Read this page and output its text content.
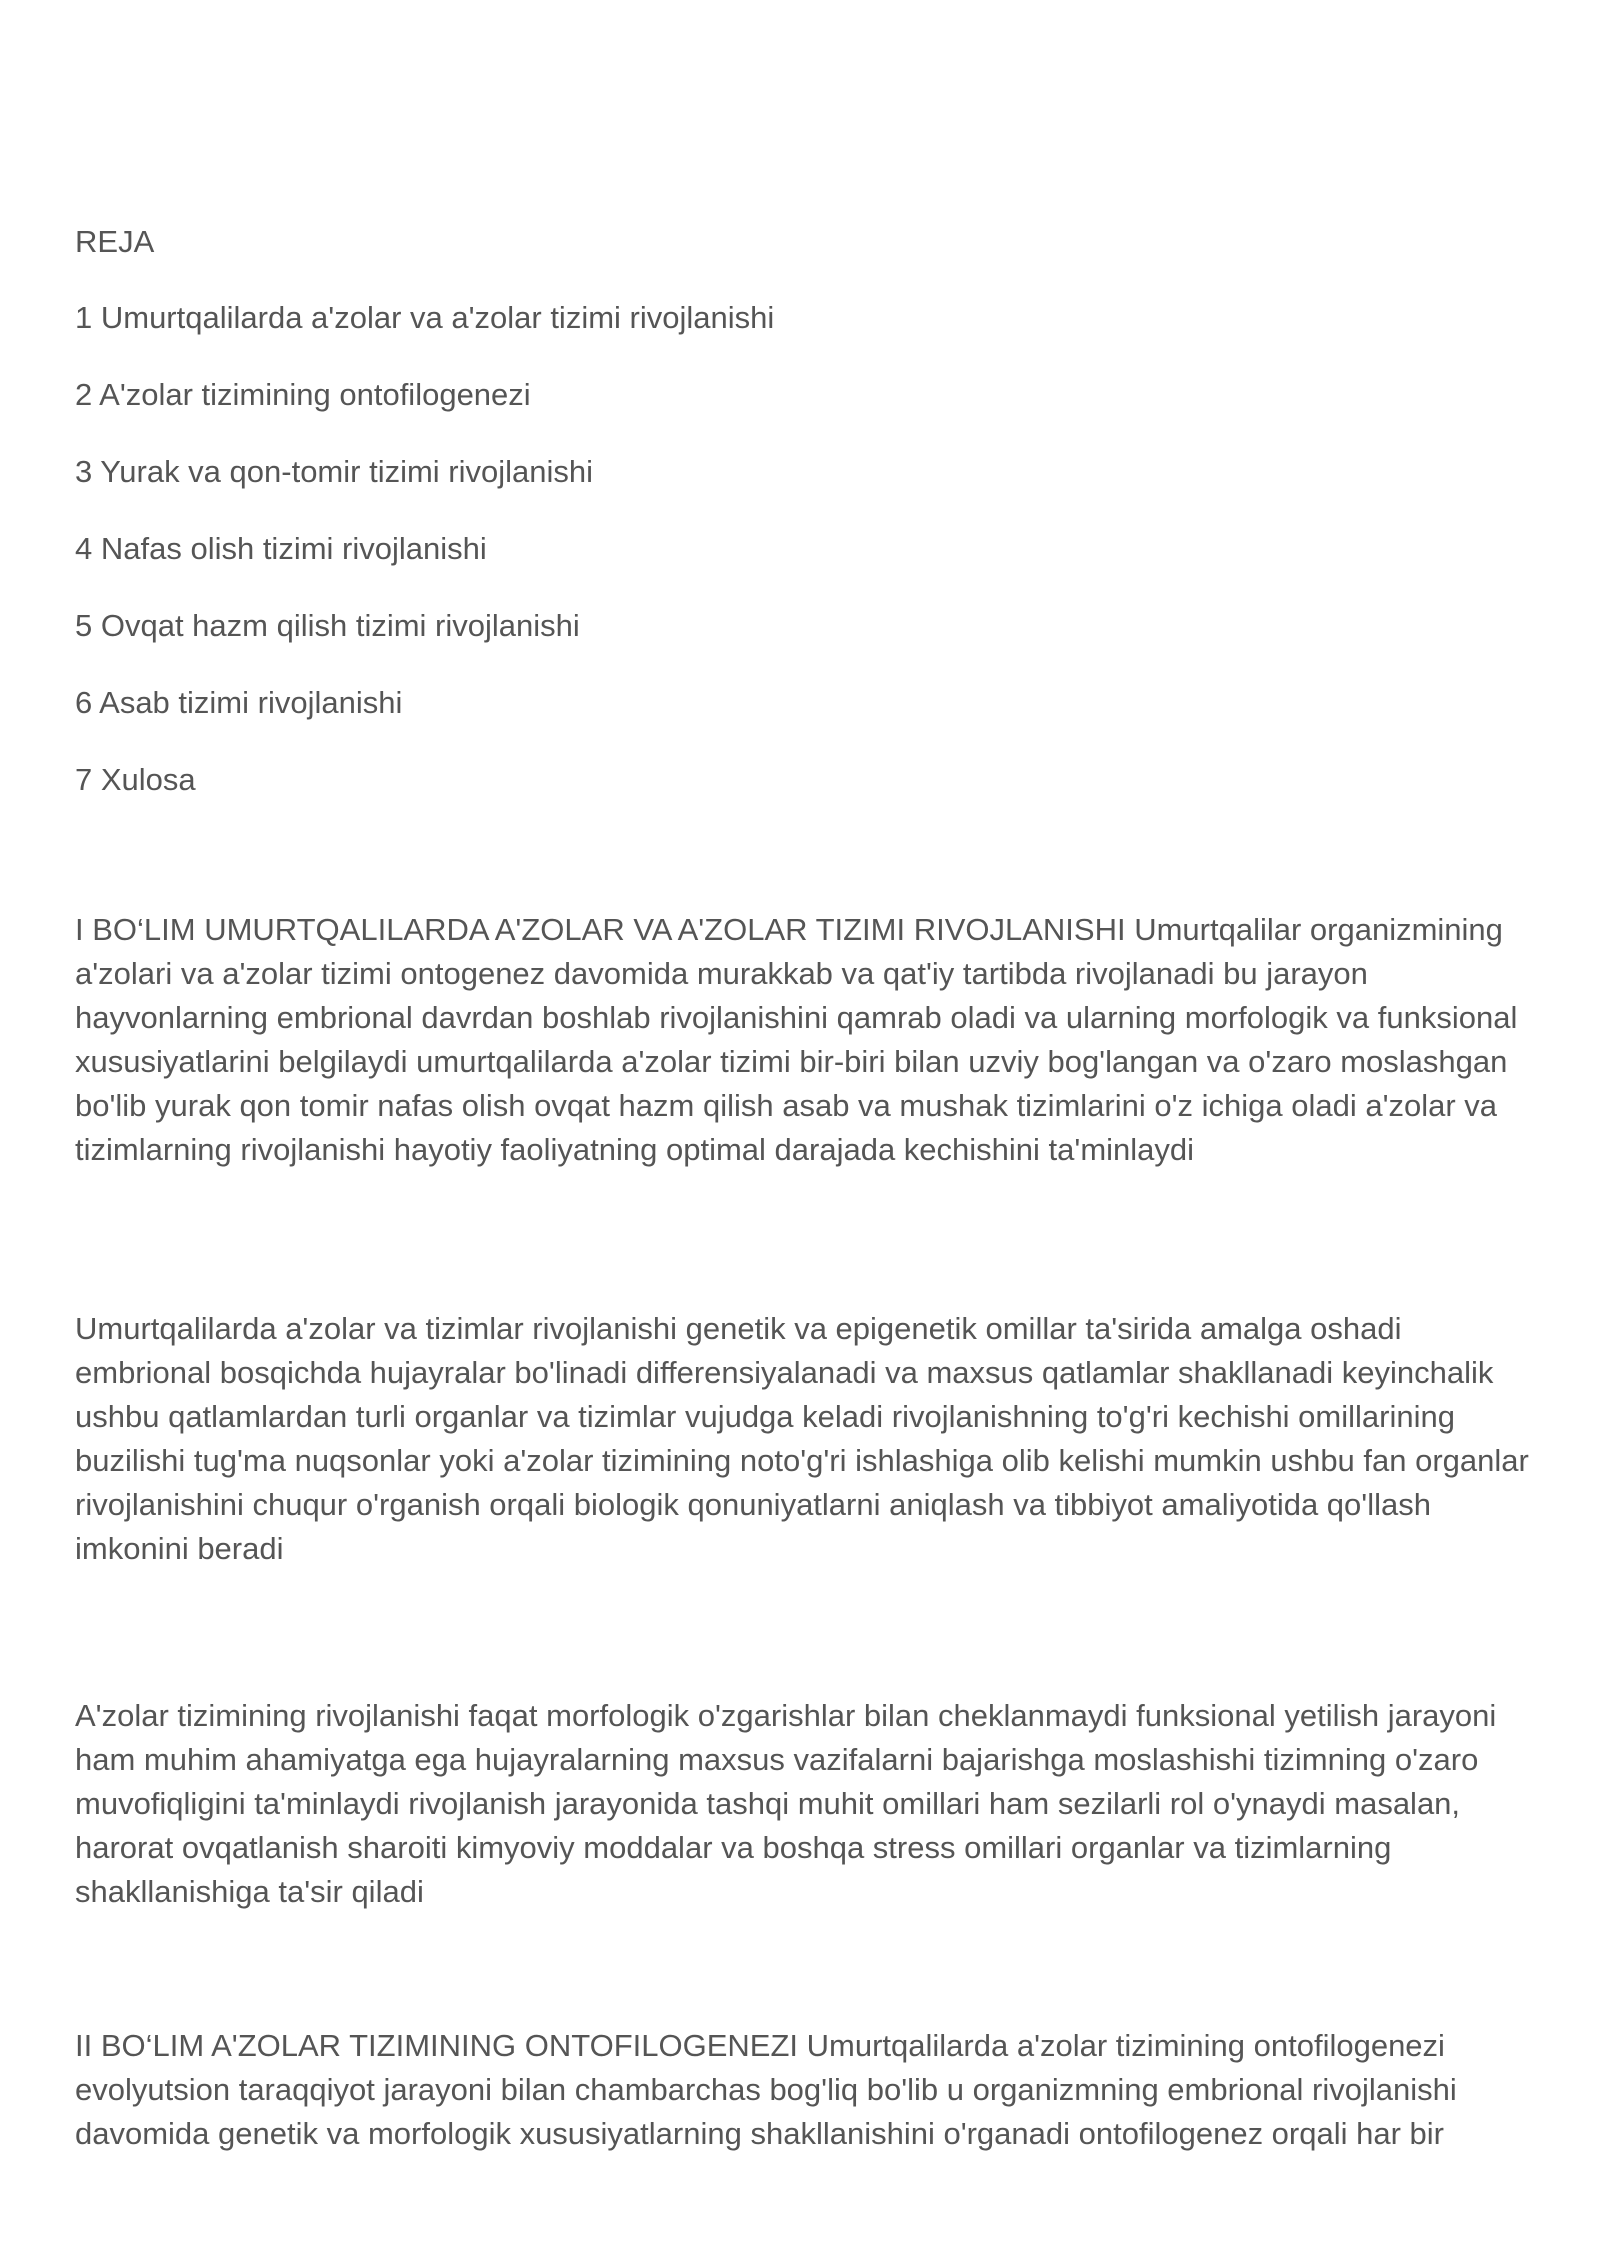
REJA
1 Umurtqalilarda a'zolar va a'zolar tizimi rivojlanishi
2 A'zolar tizimining ontofilogenezi
3 Yurak va qon-tomir tizimi rivojlanishi
4 Nafas olish tizimi rivojlanishi
5 Ovqat hazm qilish tizimi rivojlanishi
6 Asab tizimi rivojlanishi
7 Xulosa

I BO‘LIM UMURTQALILARDA A'ZOLAR VA A'ZOLAR TIZIMI RIVOJLANISHI Umurtqalilar organizmining a'zolari va a'zolar tizimi ontogenez davomida murakkab va qat'iy tartibda rivojlanadi bu jarayon hayvonlarning embrional davrdan boshlab rivojlanishini qamrab oladi va ularning morfologik va funksional xususiyatlarini belgilaydi umurtqalilarda a'zolar tizimi bir-biri bilan uzviy bog'langan va o'zaro moslashgan bo'lib yurak qon tomir nafas olish ovqat hazm qilish asab va mushak tizimlarini o'z ichiga oladi a'zolar va tizimlarning rivojlanishi hayotiy faoliyatning optimal darajada kechishini ta'minlaydi

Umurtqalilarda a'zolar va tizimlar rivojlanishi genetik va epigenetik omillar ta'sirida amalga oshadi embrional bosqichda hujayralar bo'linadi differensiyalanadi va maxsus qatlamlar shakllanadi keyinchalik ushbu qatlamlardan turli organlar va tizimlar vujudga keladi rivojlanishning to'g'ri kechishi omillarining buzilishi tug'ma nuqsonlar yoki a'zolar tizimining noto'g'ri ishlashiga olib kelishi mumkin ushbu fan organlar rivojlanishini chuqur o'rganish orqali biologik qonuniyatlarni aniqlash va tibbiyot amaliyotida qo'llash imkonini beradi

A'zolar tizimining rivojlanishi faqat morfologik o'zgarishlar bilan cheklanmaydi funksional yetilish jarayoni ham muhim ahamiyatga ega hujayralarning maxsus vazifalarni bajarishga moslashishi tizimning o'zaro muvofiqligini ta'minlaydi rivojlanish jarayonida tashqi muhit omillari ham sezilarli rol o'ynaydi masalan, harorat ovqatlanish sharoiti kimyoviy moddalar va boshqa stress omillari organlar va tizimlarning shakllanishiga ta'sir qiladi

II BO‘LIM A'ZOLAR TIZIMINING ONTOFILOGENEZI Umurtqalilarda a'zolar tizimining ontofilogenezi evolyutsion taraqqiyot jarayoni bilan chambarchas bog'liq bo'lib u organizmning embrional rivojlanishi davomida genetik va morfologik xususiyatlarning shakllanishini o'rganadi ontofilogenez orqali har bir
